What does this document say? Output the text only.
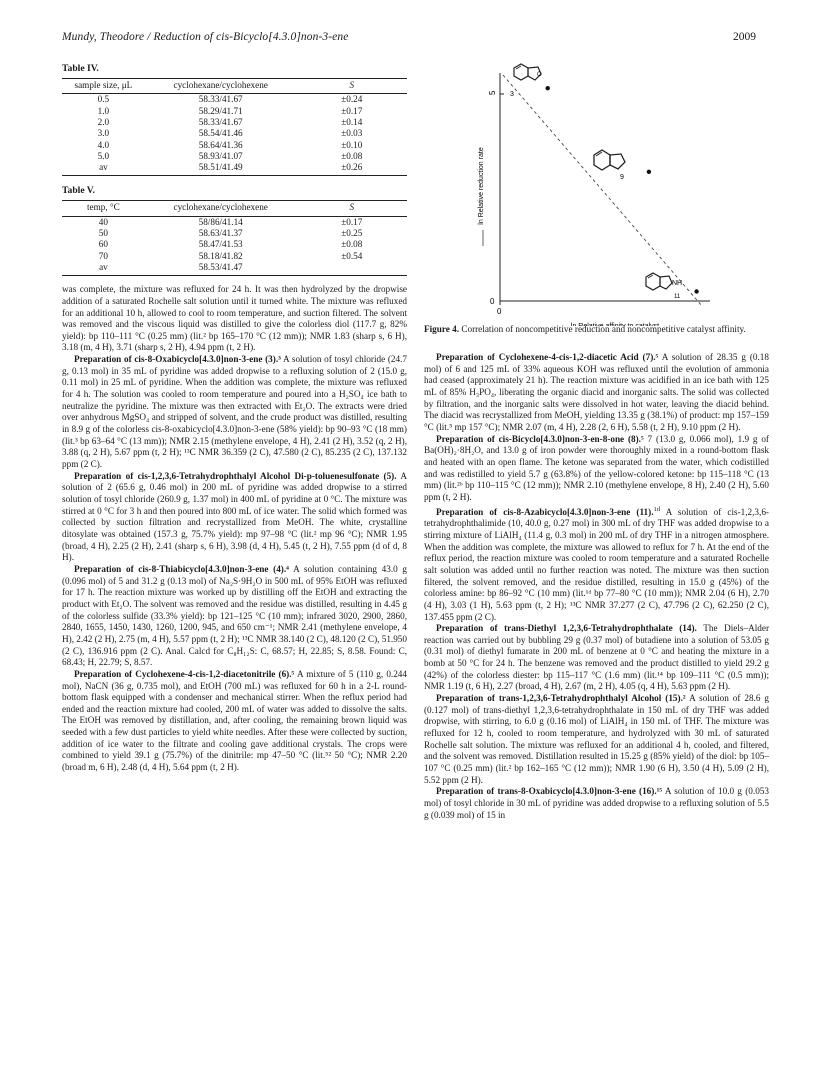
Mundy, Theodore / Reduction of cis-Bicyclo[4.3.0]non-3-ene	2009
Table IV.
sample size, μL	cyclohexane/cyclohexene	S
0.5	58.33/41.67	±0.24
1.0	58.29/41.71	±0.17
2.0	58.33/41.67	±0.14
3.0	58.54/41.46	±0.03
4.0	58.64/41.36	±0.10
5.0	58.93/41.07	±0.08
av	58.51/41.49	±0.26
Table V.
temp, °C	cyclohexane/cyclohexene	S
40	58/86/41.14	±0.17
50	58.63/41.37	±0.25
60	58.47/41.53	±0.08
70	58.18/41.82	±0.54
av	58.53/41.47	

was complete, the mixture was refluxed for 24 h. It was then hydrolyzed by the dropwise addition of a saturated Rochelle salt solution until it turned white. The mixture was refluxed for an additional 10 h, allowed to cool to room temperature, and suction filtered. The solvent was removed and the viscous liquid was distilled to give the colorless diol (117.7 g, 82% yield): bp 110–111 °C (0.25 mm) (lit.² bp 165–170 °C (12 mm)); NMR 1.83 (sharp s, 6 H), 3.18 (m, 4 H), 3.71 (sharp s, 2 H), 4.94 ppm (t, 2 H).

Preparation of cis-8-Oxabicyclo[4.3.0]non-3-ene (3).³ A solution of tosyl chloride (24.7 g, 0.13 mol) in 35 mL of pyridine was added dropwise to a refluxing solution of 2 (15.0 g, 0.11 mol) in 25 mL of pyridine. When the addition was complete, the mixture was refluxed for 4 h. The solution was cooled to room temperature and poured into a H₂SO₄ ice bath to neutralize the pyridine. The mixture was then extracted with Et₂O. The extracts were dried over anhydrous MgSO₄ and stripped of solvent, and the crude product was distilled, resulting in 8.9 g of the colorless cis-8-oxabicyclo[4.3.0]non-3-ene (58% yield): bp 90–93 °C (18 mm) (lit.³ bp 63–64 °C (13 mm)); NMR 2.15 (methylene envelope, 4 H), 2.41 (2 H), 3.52 (q, 2 H), 3.88 (q, 2 H), 5.67 ppm (t, 2 H); ¹³C NMR 36.359 (2 C), 47.580 (2 C), 85.235 (2 C), 137.132 ppm (2 C).

Preparation of cis-1,2,3,6-Tetrahydrophthalyl Alcohol Di-p-toluenesulfonate (5). A solution of 2 (65.6 g, 0.46 mol) in 200 mL of pyridine was added dropwise to a stirred solution of tosyl chloride (260.9 g, 1.37 mol) in 400 mL of pyridine at 0 °C. The mixture was stirred at 0 °C for 3 h and then poured into 800 mL of ice water. The solid which formed was collected by suction filtration and recrystallized from MeOH. The white, crystalline ditosylate was obtained (157.3 g, 75.7% yield): mp 97–98 °C (lit.² mp 96 °C); NMR 1.95 (broad, 4 H), 2.25 (2 H), 2.41 (sharp s, 6 H), 3.98 (d, 4 H), 5.45 (t, 2 H), 7.55 ppm (d of d, 8 H).

Preparation of cis-8-Thiabicyclo[4.3.0]non-3-ene (4).⁴ A solution containing 43.0 g (0.096 mol) of 5 and 31.2 g (0.13 mol) of Na₂S·9H₂O in 500 mL of 95% EtOH was refluxed for 17 h. The reaction mixture was worked up by distilling off the EtOH and extracting the product with Et₂O. The solvent was removed and the residue was distilled, resulting in 4.45 g of the colorless sulfide (33.3% yield): bp 121–125 °C (10 mm); infrared 3020, 2900, 2860, 2840, 1655, 1450, 1430, 1260, 1200, 945, and 650 cm⁻¹; NMR 2.41 (methylene envelope, 4 H), 2.42 (2 H), 2.75 (m, 4 H), 5.57 ppm (t, 2 H); ¹³C NMR 38.140 (2 C), 48.120 (2 C), 51.950 (2 C), 136.916 ppm (2 C). Anal. Calcd for C₈H₁₂S: C, 68.57; H, 22.85; S, 8.58. Found: C, 68.43; H, 22.79; S, 8.57.

Preparation of Cyclohexene-4-cis-1,2-diacetonitrile (6).⁵ A mixture of 5 (110 g, 0.244 mol), NaCN (36 g, 0.735 mol), and EtOH (700 mL) was refluxed for 60 h in a 2-L round-bottom flask equipped with a condenser and mechanical stirrer. When the reflux period had ended and the reaction mixture had cooled, 200 mL of water was added to dissolve the salts. The EtOH was removed by distillation, and, after cooling, the remaining brown liquid was seeded with a few dust particles to yield white needles. After these were collected by suction, addition of ice water to the filtrate and cooling gave additional crystals. The crops were combined to yield 39.1 g (75.7%) of the dinitrile: mp 47–50 °C (lit.⁵² 50 °C); NMR 2.20 (broad m, 6 H), 2.48 (d, 4 H), 5.64 ppm (t, 2 H).

5
0
0
ln Relative reduction rate
O
3
9
NH
11
Figure 4. Correlation of noncompetitive reduction and noncompetitive catalyst affinity.

Preparation of Cyclohexene-4-cis-1,2-diacetic Acid (7).⁵ A solution of 28.35 g (0.18 mol) of 6 and 125 mL of 33% aqueous KOH was refluxed until the evolution of ammonia had ceased (approximately 21 h). The reaction mixture was acidified in an ice bath with 125 mL of 85% H₃PO₄, liberating the organic diacid and inorganic salts. The solid was collected by filtration, and the inorganic salts were dissolved in hot water, leaving the diacid behind. The diacid was recrystallized from MeOH, yielding 13.35 g (38.1%) of product: mp 157–159 °C (lit.⁵ mp 157 °C); NMR 2.07 (m, 4 H), 2.28 (2, 6 H), 5.58 (t, 2 H), 9.10 ppm (2 H).

Preparation of cis-Bicyclo[4.3.0]non-3-en-8-one (8).⁵ 7 (13.0 g, 0.066 mol), 1.9 g of Ba(OH)₂·8H₂O, and 13.0 g of iron powder were thoroughly mixed in a round-bottom flask and heated with an open flame. The ketone was separated from the water, which codistilled and was redistilled to yield 5.7 g (63.8%) of the yellow-colored ketone: bp 115–118 °C (13 mm) (lit.²ᵇ bp 110–115 °C (12 mm)); NMR 2.10 (methylene envelope, 8 H), 2.40 (2 H), 5.60 ppm (t, 2 H).

Preparation of cis-8-Azabicyclo[4.3.0]non-3-ene (11).$^{1d}$ A solution of cis-1,2,3,6-tetrahydrophthalimide (10, 40.0 g, 0.27 mol) in 300 mL of dry THF was added dropwise to a stirring mixture of LiAlH₄ (11.4 g, 0.3 mol) in 200 mL of dry THF in a nitrogen atmosphere. When the addition was complete, the mixture was allowed to reflux for 7 h. At the end of the reflux period, the reaction mixture was cooled to room temperature and a saturated Rochelle salt solution was added until no further reaction was noted. The mixture was then suction filtered, the solvent removed, and the residue distilled, resulting in 15.0 g (45%) of the colorless amine: bp 86–92 °C (10 mm) (lit.¹ᵈ bp 77–80 °C (10 mm)); NMR 2.04 (6 H), 2.70 (4 H), 3.03 (1 H), 5.63 ppm (t, 2 H); ¹³C NMR 37.277 (2 C), 47.796 (2 C), 62.250 (2 C), 137.455 ppm (2 C).

Preparation of trans-Diethyl 1,2,3,6-Tetrahydrophthalate (14). The Diels–Alder reaction was carried out by bubbling 29 g (0.37 mol) of butadiene into a solution of 53.05 g (0.31 mol) of diethyl fumarate in 200 mL of benzene at 0 °C and heating the mixture in a bomb at 50 °C for 24 h. The benzene was removed and the product distilled to yield 29.2 g (42%) of the colorless diester: bp 115–117 °C (1.6 mm) (lit.¹⁴ bp 109–111 °C (0.5 mm)); NMR 1.19 (t, 6 H), 2.27 (broad, 4 H), 2.67 (m, 2 H), 4.05 (q, 4 H), 5.63 ppm (2 H).

Preparation of trans-1,2,3,6-Tetrahydrophthalyl Alcohol (15).² A solution of 28.6 g (0.127 mol) of trans-diethyl 1,2,3,6-tetrahydrophthalate in 150 mL of dry THF was added dropwise, with stirring, to 6.0 g (0.16 mol) of LiAlH₄ in 150 mL of THF. The mixture was refluxed for 12 h, cooled to room temperature, and hydrolyzed with 30 mL of saturated Rochelle salt solution. The mixture was refluxed for an additional 4 h, cooled, and filtered, and the solvent was removed. Distillation resulted in 15.25 g (85% yield) of the diol: bp 105–107 °C (0.25 mm) (lit.² bp 162–165 °C (12 mm)); NMR 1.90 (6 H), 3.50 (4 H), 5.09 (2 H), 5.52 ppm (2 H).

Preparation of trans-8-Oxabicyclo[4.3.0]non-3-ene (16).¹⁵ A solution of 10.0 g (0.053 mol) of tosyl chloride in 30 mL of pyridine was added dropwise to a refluxing solution of 5.5 g (0.039 mol) of 15 in
